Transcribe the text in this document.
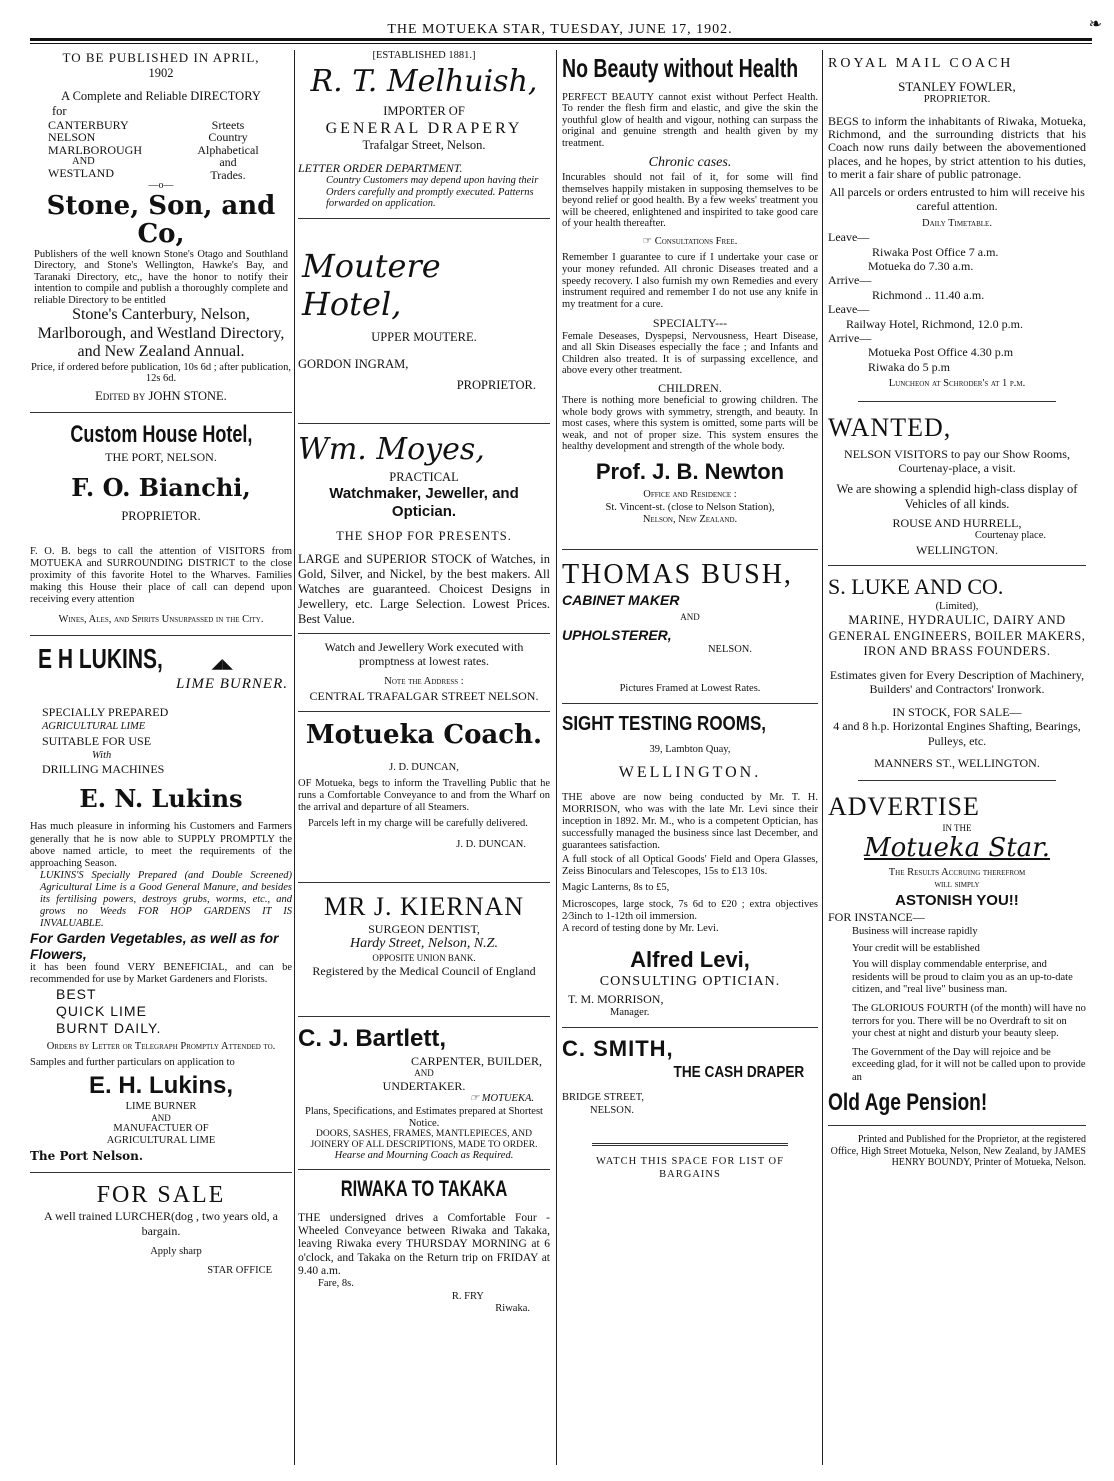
THE MOTUEKA STAR, TUESDAY, JUNE 17, 1902.	❧
TO BE PUBLISHED IN APRIL,
1902
A Complete and Reliable DIRECTORY
for
CANTERBURY
NELSON
MARLBOROUGH
AND
WESTLAND
Srteets
Country
Alphabetical
and
Trades.
—o—
Stone, Son, and Co,
Publishers of the well known Stone's Otago and Southland Directory, and Stone's Wellington, Hawke's Bay, and Taranaki Directory, etc,, have the honor to notify their intention to compile and publish a thoroughly complete and reliable Directory to be entitled
Stone's Canterbury, Nelson, Marlborough, and Westland Directory, and New Zealand Annual.
Price, if ordered before publication, 10s 6d ; after publication, 12s 6d.
Edited by JOHN STONE.
Custom House Hotel,
THE PORT, NELSON.
F. O. Bianchi,
PROPRIETOR.
F. O. B. begs to call the attention of VISITORS from MOTUEKA and SURROUNDING DISTRICT to the close proximity of this favorite Hotel to the Wharves. Families making this House their place of call can depend upon receiving every attention
Wines, Ales, and Spirits Unsurpassed in the City.
E H LUKINS,	◢◣
LIME BURNER.
SPECIALLY PREPARED
AGRICULTURAL LIME
SUITABLE FOR USE
With
DRILLING MACHINES
E. N. Lukins
Has much pleasure in informing his Customers and Farmers generally that he is now able to SUPPLY PROMPTLY the above named article, to meet the requirements of the approaching Season.
LUKINS'S Specially Prepared (and Double Screened) Agricultural Lime is a Good General Manure, and besides its fertilising powers, destroys grubs, worms, etc., and grows no Weeds FOR HOP GARDENS IT IS INVALUABLE.
For Garden Vegetables, as well as for Flowers,
it has been found VERY BENEFICIAL, and can be recommended for use by Market Gardeners and Florists.
BEST
QUICK LIME
BURNT DAILY.
Orders by Letter or Telegraph Promptly Attended to.
Samples and further particulars on application to
E. H. Lukins,
LIME BURNER
AND
MANUFACTUER OF
AGRICULTURAL LIME
The Port Nelson.
FOR SALE
A well trained LURCHER(dog , two years old, a bargain.
Apply sharp
STAR OFFICE
[ESTABLISHED 1881.]
R. T. Melhuish,
IMPORTER OF
GENERAL DRAPERY
Trafalgar Street, Nelson.
LETTER ORDER DEPARTMENT.
Country Customers may depend upon having their Orders carefully and promptly executed. Patterns forwarded on application.
Moutere Hotel,
UPPER MOUTERE.
GORDON INGRAM,
PROPRIETOR.
Wm. Moyes,
PRACTICAL
Watchmaker, Jeweller, and Optician.
THE SHOP FOR PRESENTS.
LARGE and SUPERIOR STOCK of Watches, in Gold, Silver, and Nickel, by the best makers. All Watches are guaranteed. Choicest Designs in Jewellery, etc. Large Selection. Lowest Prices. Best Value.
Watch and Jewellery Work executed with promptness at lowest rates.
Note the Address :
CENTRAL TRAFALGAR STREET NELSON.
Motueka Coach.
J. D. DUNCAN,
OF Motueka, begs to inform the Travelling Public that he runs a Comfortable Conveyance to and from the Wharf on the arrival and departure of all Steamers.
Parcels left in my charge will be carefully delivered.
J. D. DUNCAN.
MR J. KIERNAN
SURGEON DENTIST,
Hardy Street, Nelson, N.Z.
OPPOSITE UNION BANK.
Registered by the Medical Council of England
C. J. Bartlett,
CARPENTER, BUILDER,
AND
UNDERTAKER.
☞ MOTUEKA.
Plans, Specifications, and Estimates prepared at Shortest Notice.
DOORS, SASHES, FRAMES, MANTLEPIECES, AND JOINERY OF ALL DESCRIPTIONS, MADE TO ORDER.
Hearse and Mourning Coach as Required.
RIWAKA TO TAKAKA
THE undersigned drives a Comfortable Four - Wheeled Conveyance between Riwaka and Takaka, leaving Riwaka every THURSDAY MORNING at 6 o'clock, and Takaka on the Return trip on FRIDAY at 9.40 a.m.
Fare, 8s.
R. FRY
Riwaka.
No Beauty without Health
PERFECT BEAUTY cannot exist without Perfect Health. To render the flesh firm and elastic, and give the skin the youthful glow of health and vigour, nothing can surpass the original and genuine strength and health given by my treatment.
Chronic cases.
Incurables should not fail of it, for some will find themselves happily mistaken in supposing themselves to be beyond relief or good health. By a few weeks' treatment you will be cheered, enlightened and inspirited to take good care of your health thereafter.
☞ Consultations Free.
Remember I guarantee to cure if I undertake your case or your money refunded. All chronic Diseases treated and a speedy recovery. I also furnish my own Remedies and every instrument required and remember I do not use any knife in my treatment for a cure.
SPECIALTY---
Female Deseases, Dyspepsi, Nervousness, Heart Disease, and all Skin Diseases especially the face ; and Infants and Children also treated. It is of surpassing excellence, and above every other treatment.
CHILDREN.
There is nothing more beneficial to growing children. The whole body grows with symmetry, strength, and beauty. In most cases, where this system is omitted, some parts will be weak, and not of proper size. This system ensures the healthy development and strength of the whole body.
Prof. J. B. Newton
Office and Residence :
St. Vincent-st. (close to Nelson Station),
Nelson, New Zealand.
THOMAS BUSH,
CABINET MAKER
AND
UPHOLSTERER,
NELSON.
Pictures Framed at Lowest Rates.
SIGHT TESTING ROOMS,
39, Lambton Quay,
WELLINGTON.
THE above are now being conducted by Mr. T. H. MORRISON, who was with the late Mr. Levi since their inception in 1892. Mr. M., who is a competent Optician, has successfully managed the business since last December, and guarantees satisfaction.
A full stock of all Optical Goods' Field and Opera Glasses, Zeiss Binoculars and Telescopes, 15s to £13 10s.
Magic Lanterns, 8s to £5,
Microscopes, large stock, 7s 6d to £20 ; extra objectives 2⁄3inch to 1-12th oil immersion.
A record of testing done by Mr. Levi.
Alfred Levi,
CONSULTING OPTICIAN.
T. M. MORRISON,
Manager.
C. SMITH,
THE CASH DRAPER
BRIDGE STREET,
NELSON.
WATCH THIS SPACE FOR LIST OF BARGAINS
ROYAL MAIL COACH
STANLEY FOWLER,
PROPRIETOR.
BEGS to inform the inhabitants of Riwaka, Motueka, Richmond, and the surrounding districts that his Coach now runs daily between the abovementioned places, and he hopes, by strict attention to his duties, to merit a fair share of public patronage.
All parcels or orders entrusted to him will receive his careful attention.
Daily Timetable.
Leave—
Riwaka Post Office 7 a.m.
Motueka do 7.30 a.m.
Arrive—
Richmond .. 11.40 a.m.
Leave—
Railway Hotel, Richmond, 12.0 p.m.
Arrive—
Motueka Post Office 4.30 p.m
Riwaka do 5 p.m
Luncheon at Schroder's at 1 p.m.
WANTED,
NELSON VISITORS to pay our Show Rooms, Courtenay-place, a visit.
We are showing a splendid high-class display of Vehicles of all kinds.
ROUSE AND HURRELL,
Courtenay place.
WELLINGTON.
S. LUKE AND CO.
(Limited),
MARINE, HYDRAULIC, DAIRY AND GENERAL ENGINEERS, BOILER MAKERS, IRON AND BRASS FOUNDERS.
Estimates given for Every Description of Machinery, Builders' and Contractors' Ironwork.
IN STOCK, FOR SALE—
4 and 8 h.p. Horizontal Engines Shafting, Bearings, Pulleys, etc.
MANNERS ST., WELLINGTON.
ADVERTISE
IN THE
Motueka Star.
The Results Accruing therefrom
will simply
ASTONISH YOU!!
FOR INSTANCE—
Business will increase rapidly
Your credit will be established
You will display commendable enterprise, and residents will be proud to claim you as an up-to-date citizen, and "real live" business man.
The GLORIOUS FOURTH (of the month) will have no terrors for you. There will be no Overdraft to sit on your chest at night and disturb your beauty sleep.
The Government of the Day will rejoice and be exceeding glad, for it will not be called upon to provide an
Old Age Pension!
Printed and Published for the Proprietor, at the registered Office, High Street Motueka, Nelson, New Zealand, by JAMES HENRY BOUNDY, Printer of Motueka, Nelson.
